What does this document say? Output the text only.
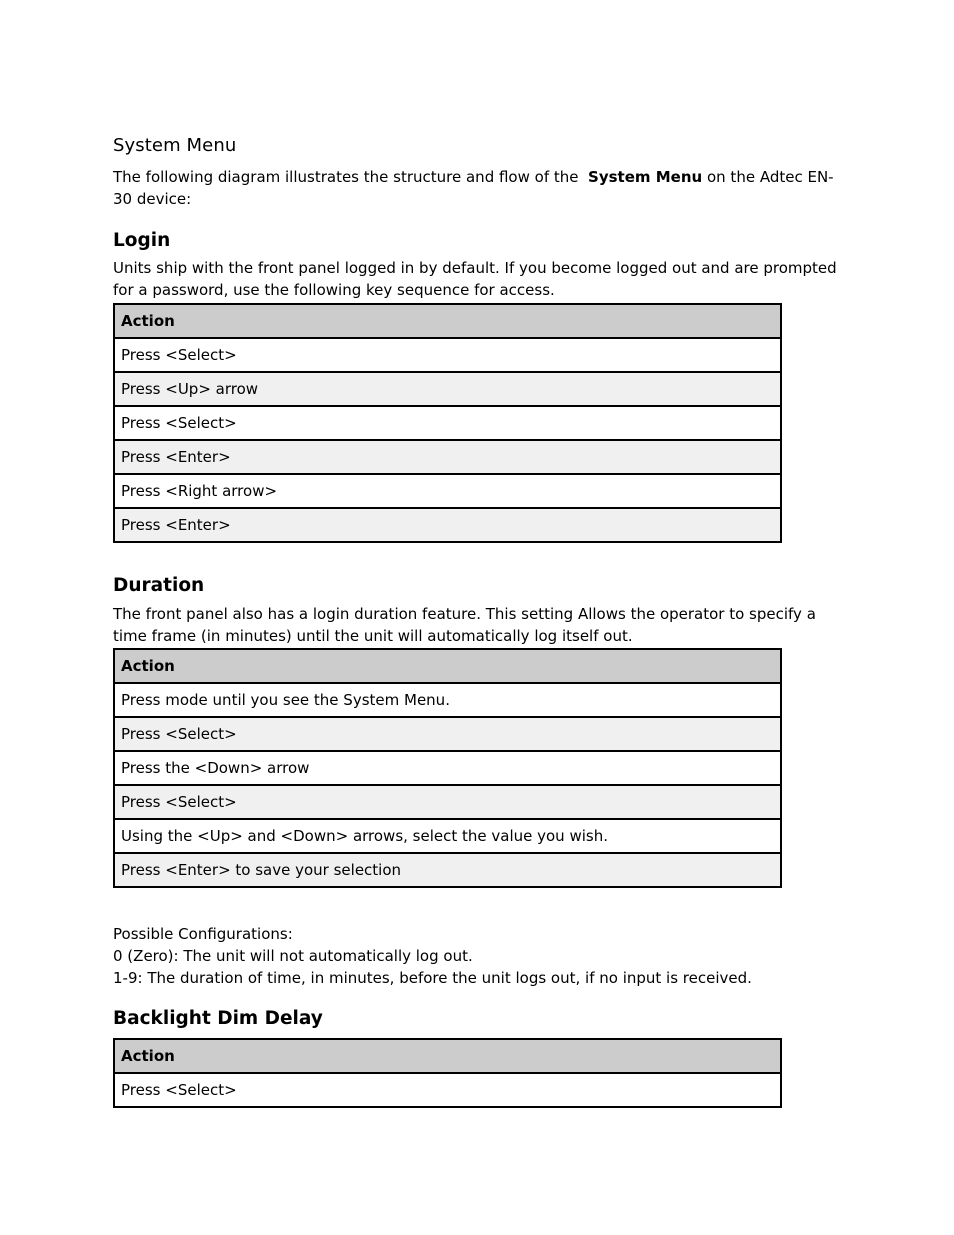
System Menu

The following diagram illustrates the structure and flow of the System Menu on the Adtec EN-30 device:

Login

Units ship with the front panel logged in by default. If you become logged out and are prompted for a password, use the following key sequence for access.

Action
Press <Select>
Press <Up> arrow
Press <Select>
Press <Enter>
Press <Right arrow>
Press <Enter>
Duration

The front panel also has a login duration feature. This setting Allows the operator to specify a time frame (in minutes) until the unit will automatically log itself out.

Action
Press mode until you see the System Menu.
Press <Select>
Press the <Down> arrow
Press <Select>
Using the <Up> and <Down> arrows, select the value you wish.
Press <Enter> to save your selection
Possible Configurations:
0 (Zero): The unit will not automatically log out.
1-9: The duration of time, in minutes, before the unit logs out, if no input is received.
Backlight Dim Delay
Action
Press <Select>
